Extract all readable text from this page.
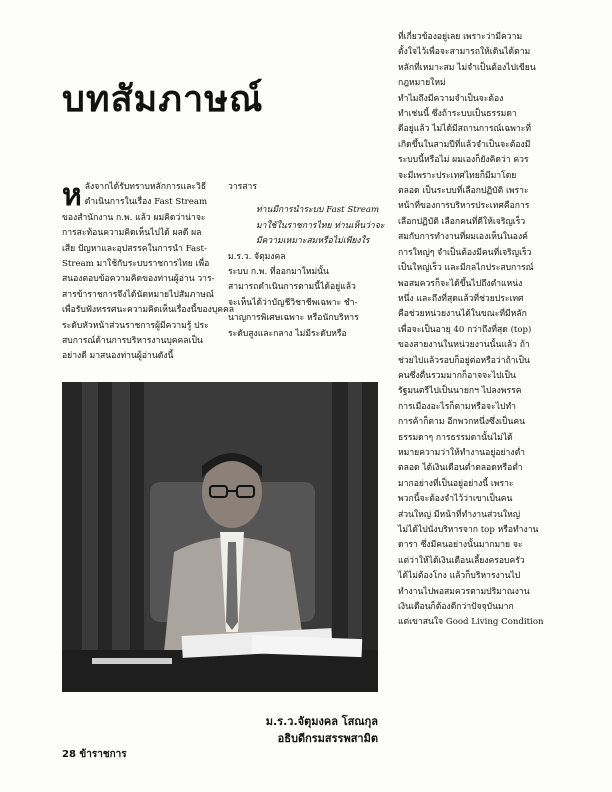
บทสัมภาษณ์
ห ลังจากได้รับทราบหลักการและวิธี
ดำเนินการในเรื่อง Fast Stream
ของสำนักงาน ก.พ. แล้ว ผมคิดว่าน่าจะ
การสะท้อนความคิดเห็นไปได้ ผลดี ผล
เสีย ปัญหาและอุปสรรคในการนำ Fast-
Stream มาใช้กับระบบราชการไทย เพื่อ
สนองตอบข้อความคิดของท่านผู้อ่าน วาร-
สารข้าราชการจึงได้นัดหมายไปสัมภาษณ์
เพื่อรับฟังทรรศนะความคิดเห็นเรื่องนี้ของบุคคล
ระดับหัวหน้าส่วนราชการผู้มีความรู้ ประ
สบการณ์ด้านการบริหารงานบุคคลเป็น
อย่างดี มาสนองท่านผู้อ่านดังนี้
วารสาร
ท่านมีการนำระบบ Fast Stream
มาใช้ในราชการไทย ท่านเห็นว่าจะ
มีความเหมาะสมหรือไม่เพียงใร
ม.ร.ว. จัตุมงคล
ระบบ ก.พ. ที่ออกมาใหม่นั้น
สามารถดำเนินการตามนี้ได้อยู่แล้ว
จะเห็นได้ว่าบัญชีวิชาชีพเฉพาะ ชำ-
นาญการพิเศษเฉพาะ หรือนักบริหาร
ระดับสูงและกลาง ไม่มีระดับหรือ
ที่เกี่ยวข้องอยู่เลย เพราะว่ามีความ
ตั้งใจไว้เพื่อจะสามารถให้เดินได้ตาม
หลักที่เหมาะสม ไม่จำเป็นต้องไปเขียน
กฎหมายใหม่
ทำไมถึงมีความจำเป็นจะต้อง
ทำเช่นนี้ ซึ่งถ้าระบบเป็นธรรมดา
ดีอยู่แล้ว ไม่ได้มีสถานการณ์เฉพาะที่
เกิดขึ้นในสามปีที่แล้วจำเป็นจะต้องมี
ระบบนี้หรือไม่ ผมเองก็ยังคิดว่า ควร
จะมีเพราะประเทศไทยก็มีมาโดย
ตลอด เป็นระบบที่เลือกปฏิบัติ เพราะ
หน้าที่ของการบริหารประเทศคือการ
เลือกปฏิบัติ เลือกคนที่ดีให้เจริญเร็ว
สมกับการทำงานที่ผมเองเห็นในองค์
การใหญ่ๆ จำเป็นต้องมีคนที่เจริญเร็ว
เป็นใหญ่เร็ว และมีกลไกประสบการณ์
พอสมควรก็จะได้ขึ้นไปถึงตำแหน่ง
หนึ่ง และถึงที่สุดแล้วที่ช่วยประเทศ
คือช่วยหน่วยงานได้ในขณะที่มีหลัก
เพื่อจะเป็นอายุ 40 กว่าถึงที่สุด (top)
ของสายงานในหน่วยงานนั้นแล้ว ถ้า
ช่วยไปแล้วรอบก็อยู่ต่อหรือว่าถ้าเป็น
คนซึ่งตื่นรวมมากก็อาจจะไปเป็น
รัฐมนตรีไปเป็นนายกฯ ไปลงพรรค
การเมืองอะไรก็ตามหรือจะไปทำ
การค้าก็ตาม อีกพวกหนึ่งซึ่งเป็นคน
ธรรมดาๆ การธรรมดานั้นไม่ได้
หมายความว่าให้ทำงานอยู่อย่างต่ำ
ตลอด ได้เงินเดือนต่ำตลอดหรือต่ำ
มากอย่างที่เป็นอยู่อย่างนี้ เพราะ
พวกนี้จะต้องจำไว้ว่าเขาเป็นคน
ส่วนใหญ่ มีหน้าที่ทำงานส่วนใหญ่
ไม่ได้ไปนั่งบริหารจาก top หรือทำงาน
ดารา ซึ่งมีคนอย่างนั้นมากมาย จะ
แต่ว่าให้ได้เงินเดือนเลี้ยงครอบครัว
ได้ไม่ต้องโกง แล้วก็บริหารงานไป
ทำงานไปพอสมควรตามปริมาณงาน
เงินเดือนก็ต้องดีกว่าปัจจุบันมาก
แต่เขาสนใจ Good Living Condition
ม.ร.ว.จัตุมงคล โสณกุล
อธิบดีกรมสรรพสามิต
28 ข้าราชการ
